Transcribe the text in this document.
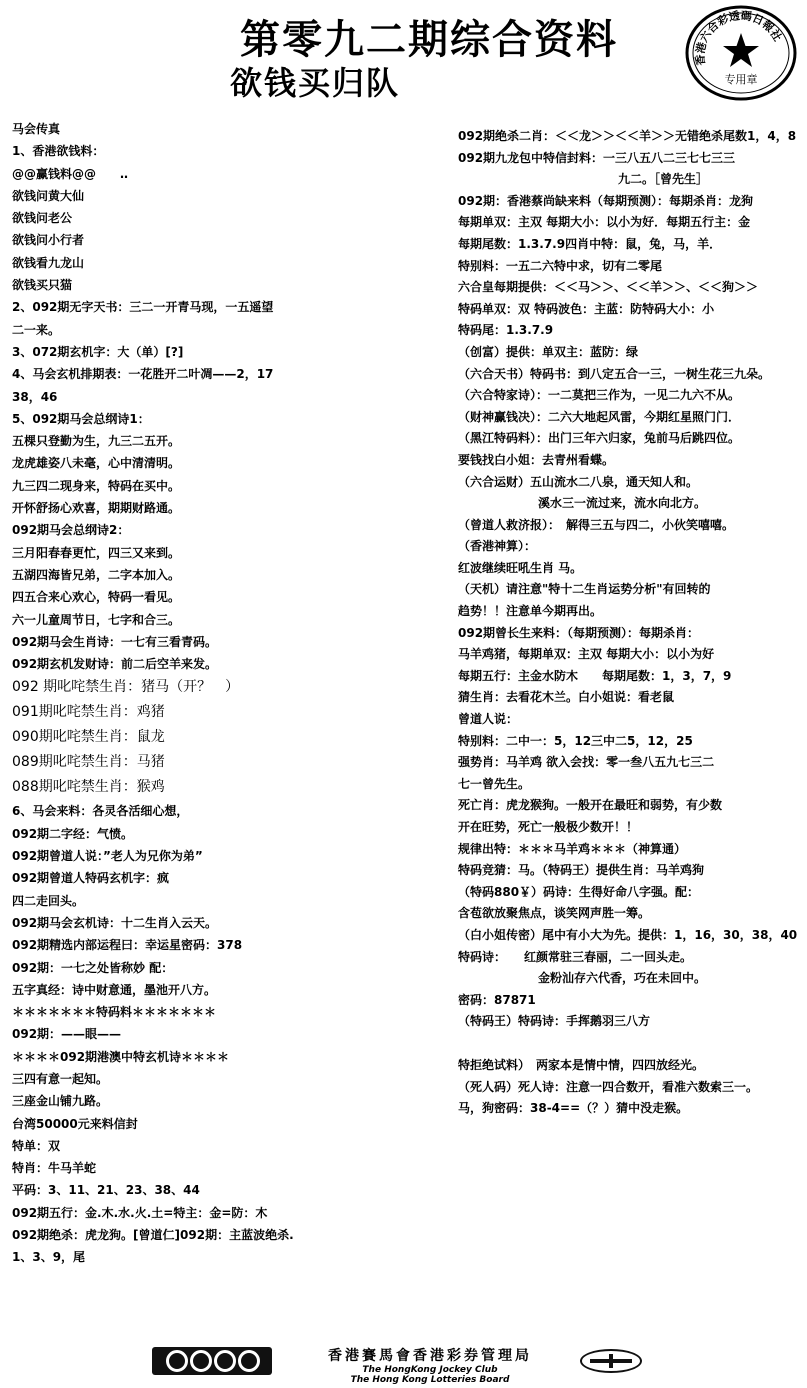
第零九二期综合资料
欲钱买归队
香港六合彩透碼日報社
专用章
马会传真
1、香港欲钱料：
@@赢钱料@@　　‥
欲钱问黄大仙
欲钱问老公
欲钱问小行者
欲钱看九龙山
欲钱买只猫
2、092期无字天书：三二一开青马现，一五遥望
二一来。
3、072期玄机字：大（单）[?]
4、马会玄机排期表：一花胜开二叶凋——2，17
38，46
5、092期马会总纲诗1：
五棵只登勤为生，九三二五开。
龙虎雄姿八未毫，心中清清明。
九三四二现身来，特码在买中。
开怀舒扬心欢喜，期期财路通。
092期马会总纲诗2：
三月阳春春更忙，四三又来到。
五湖四海皆兄弟，二字本加入。
四五合来心欢心，特码一看见。
六一儿童周节日，七字和合三。
092期马会生肖诗：一七有三看青码。
092期玄机发财诗：前二后空羊来发。
092 期叱咤禁生肖：猪马（开？　）
091期叱咤禁生肖：鸡猪
090期叱咤禁生肖：鼠龙
089期叱咤禁生肖：马猪
088期叱咤禁生肖：猴鸡
6、马会来料：各灵各活细心想，
092期二字经：气愤。
092期曾道人说：”老人为兄你为弟”
092期曾道人特码玄机字：疯
四二走回头。
092期马会玄机诗：十二生肖入云天。
092期精选内部运程曰：幸运星密码：378
092期：一七之处皆称妙 配：
五字真经：诗中财意通，墨池开八方。
＊＊＊＊＊＊＊特码料＊＊＊＊＊＊＊
092期：——眼——
＊＊＊＊092期港澳中特玄机诗＊＊＊＊
三四有意一起知。
三座金山铺九路。
台湾50000元来料信封
特单：双
特肖：牛马羊蛇
平码：3、11、21、23、38、44
092期五行：金.木.水.火.土=特主：金=防：木
092期绝杀：虎龙狗。[曾道仁]092期：主蓝波绝杀.
1、3、9，尾
092期绝杀二肖：＜＜龙＞＞＜＜羊＞＞无错绝杀尾数1，4，8
092期九龙包中特信封料：一三八五八二三七七三三
九二。［曾先生］
092期：香港蔡尚缺来料（每期预测）：每期杀肖：龙狗
每期单双：主双 每期大小：以小为好．每期五行主：金
每期尾数：1.3.7.9四肖中特：鼠，兔，马，羊．
特别料：一五二六特中求，切有二零尾
六合皇每期提供：＜＜马＞＞、＜＜羊＞＞、＜＜狗＞＞
特码单双：双 特码波色：主蓝：防特码大小：小
特码尾：1.3.7.9
（创富）提供：单双主：蓝防：绿
（六合天书）特码书：到八定五合一三，一树生花三九朵。
（六合特家诗）：一二莫把三作为，一见二九六不从。
（财神赢钱决）：二六大地起风雷，今期红星照门门．
（黑江特码料）：出门三年六归家，兔前马后跳四位。
要钱找白小姐：去青州看蝶。
（六合运财）五山流水二八泉，通天知人和。
溪水三一流过来，流水向北方。
（曾道人救济报）：　解得三五与四二，小伙笑嘻嘻。
（香港神算）：
红波继续旺吼生肖 马。
（天机）请注意"特十二生肖运势分析"有回转的
趋势！！注意单今期再出。
092期曾长生来料：（每期预测）：每期杀肖：
马羊鸡猪，每期单双：主双 每期大小：以小为好
每期五行：主金水防木　　每期尾数：1，3，7，9
猜生肖：去看花木兰。白小姐说：看老鼠
曾道人说：
特别料：二中一：5，12三中二5，12，25
强势肖：马羊鸡 欲入会找：零一叁八五九七三二
七一曾先生。
死亡肖：虎龙猴狗。一般开在最旺和弱势，有少数
开在旺势，死亡一般极少数开！！
规律出特：＊＊＊马羊鸡＊＊＊（神算通）
特码竞猜：马。（特码王）提供生肖：马羊鸡狗
（特码880￥）码诗：生得好命八字强。配：
含苞欲放聚焦点，谈笑网声胜一筹。
（白小姐传密）尾中有小大为先。提供：1，16，30，38，40
特码诗：　　红颜常驻三春丽，二一回头走。
金粉汕存六代香，巧在未回中。
密码：87871
（特码王）特码诗：手挥鹅羽三八方
特拒绝试料）　两家本是情中情，四四放经光。
（死人码）死人诗：注意一四合数开，看准六数索三一。
马，狗密码：38-4==（？）猜中没走猴。
香港賽馬會香港彩券管理局
The HongKong Jockey Club
The Hong Kong Lotteries Board
